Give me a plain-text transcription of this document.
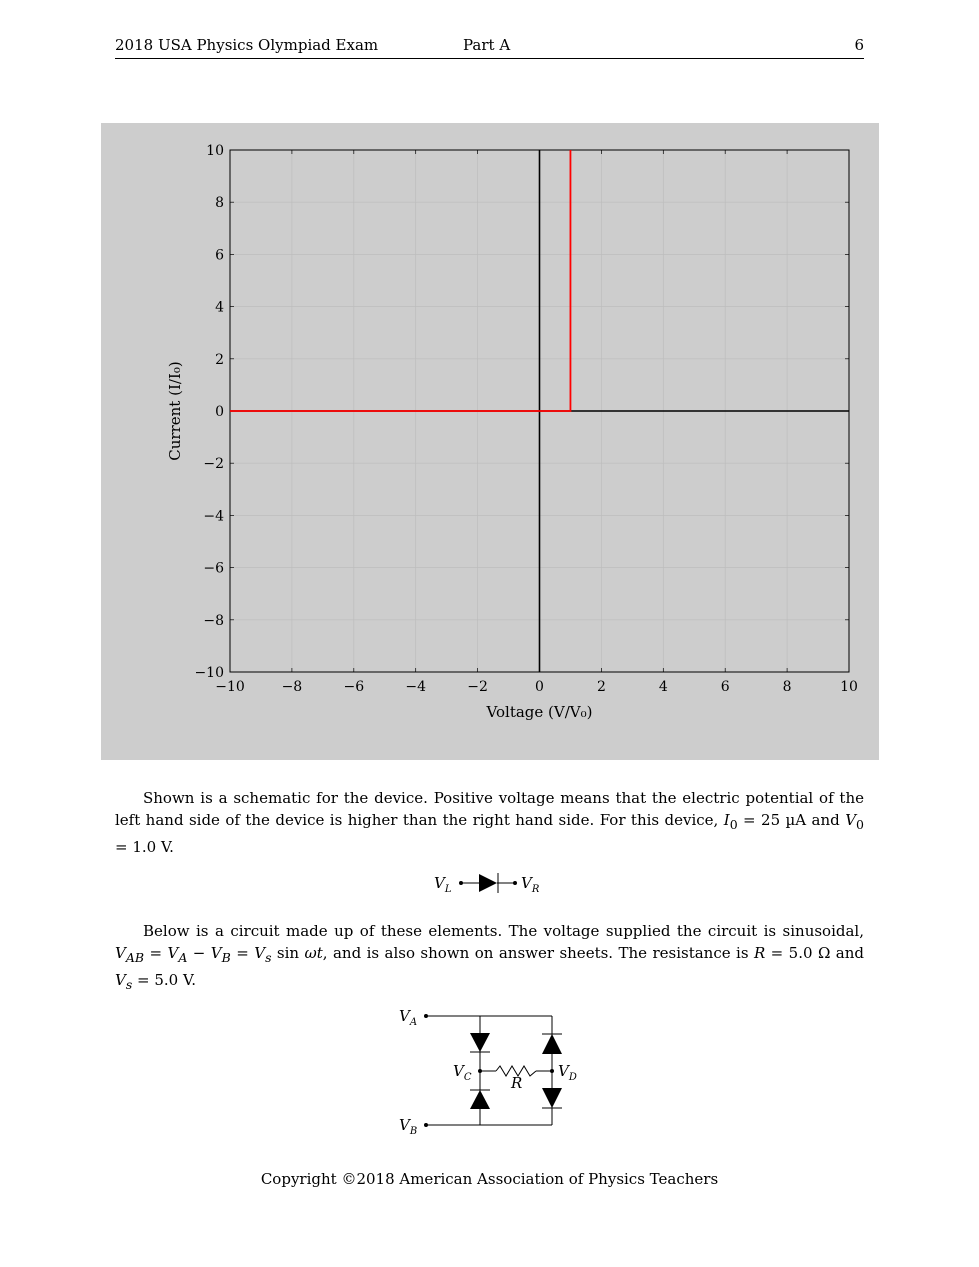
2018 USA Physics Olympiad Exam	Part A	6
−10	−8	−6	−4	−2	0	2	4	6	8	10
−10
−8
−6
−4
−2
0
2
4
6
8
10
Voltage (V/V₀)
Current (I/I₀)

Shown is a schematic for the device. Positive voltage means that the electric potential of the left hand side of the device is higher than the right hand side. For this device, $I_0 = 25$ µA and $V_0 = 1.0$ V.

$V_L$	$V_R$

Below is a circuit made up of these elements. The voltage supplied the circuit is sinusoidal, $V_{AB} = V_A - V_B = V_s$ sin ωt, and is also shown on answer sheets. The resistance is R = 5.0 Ω and $V_s = 5.0$ V.

$V_A$
$V_B$
$V_C$	$V_D$
R
Copyright ©2018 American Association of Physics Teachers
